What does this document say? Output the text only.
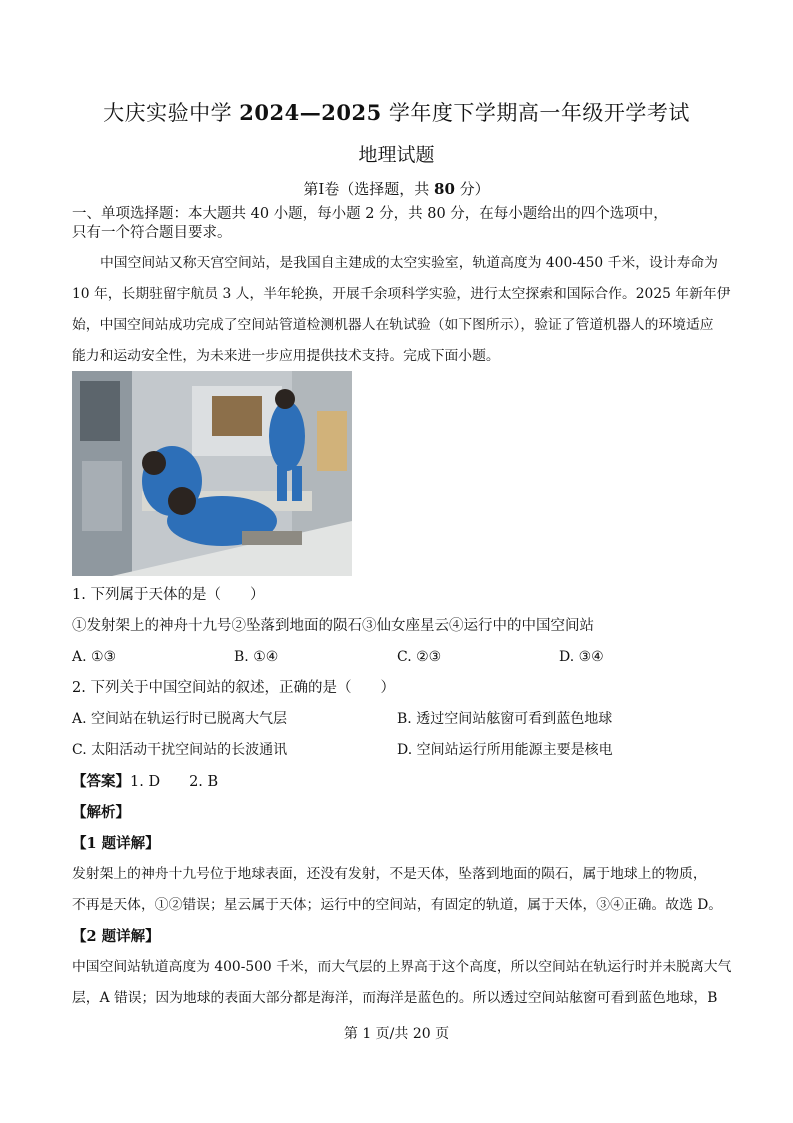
大庆实验中学 2024—2025 学年度下学期高一年级开学考试
地理试题
第Ⅰ卷（选择题，共 80 分）
一、单项选择题：本大题共 40 小题，每小题 2 分，共 80 分，在每小题给出的四个选项中，
只有一个符合题目要求。
中国空间站又称天宫空间站，是我国自主建成的太空实验室，轨道高度为 400-450 千米，设计寿命为
10 年，长期驻留宇航员 3 人，半年轮换，开展千余项科学实验，进行太空探索和国际合作。2025 年新年伊
始，中国空间站成功完成了空间站管道检测机器人在轨试验（如下图所示），验证了管道机器人的环境适应
能力和运动安全性，为未来进一步应用提供技术支持。完成下面小题。
1. 下列属于天体的是（　　）
①发射架上的神舟十九号②坠落到地面的陨石③仙女座星云④运行中的中国空间站
A. ①③	B. ①④	C. ②③	D. ③④
2. 下列关于中国空间站的叙述，正确的是（　　）
A. 空间站在轨运行时已脱离大气层	B. 透过空间站舷窗可看到蓝色地球
C. 太阳活动干扰空间站的长波通讯	D. 空间站运行所用能源主要是核电
【答案】1. D　　2. B
【解析】
【1 题详解】
发射架上的神舟十九号位于地球表面，还没有发射，不是天体，坠落到地面的陨石，属于地球上的物质，
不再是天体，①②错误；星云属于天体；运行中的空间站，有固定的轨道，属于天体，③④正确。故选 D。
【2 题详解】
中国空间站轨道高度为 400-500 千米，而大气层的上界高于这个高度，所以空间站在轨运行时并未脱离大气
层，A 错误；因为地球的表面大部分都是海洋，而海洋是蓝色的。所以透过空间站舷窗可看到蓝色地球，B
第 1 页/共 20 页
